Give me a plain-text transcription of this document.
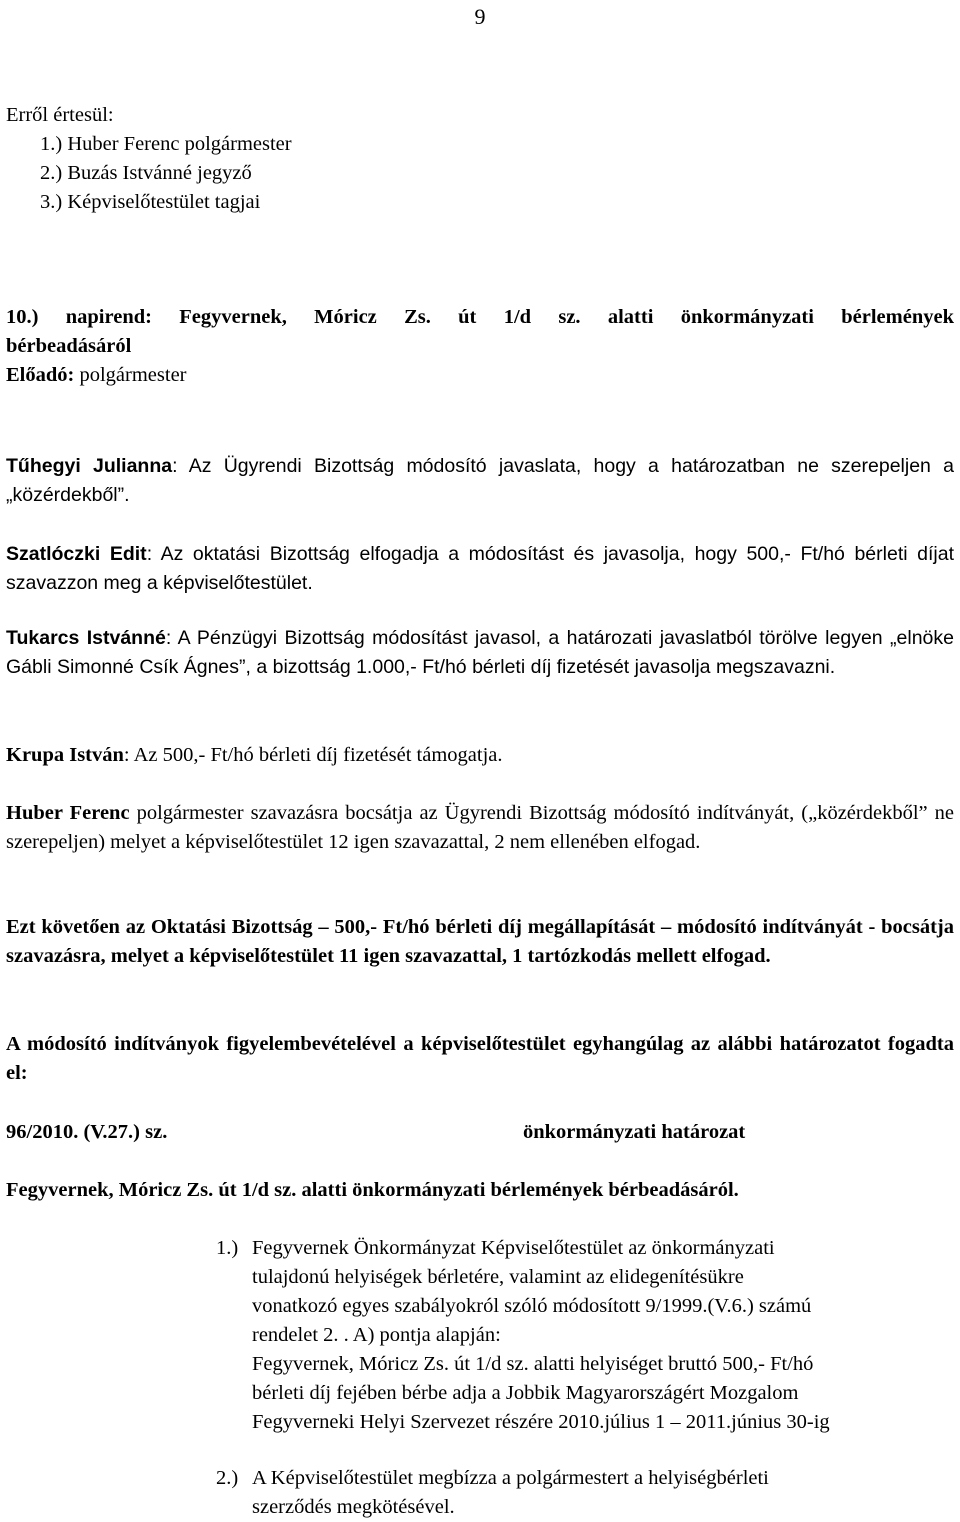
9
Erről értesül:
1.) Huber Ferenc polgármester
2.) Buzás Istvánné jegyző
3.) Képviselőtestület tagjai
10.) napirend: Fegyvernek, Móricz Zs. út 1/d sz. alatti önkormányzati bérlemények
bérbeadásáról
Előadó: polgármester

Tűhegyi Julianna: Az Ügyrendi Bizottság módosító javaslata, hogy a határozatban ne szerepeljen a „közérdekből”.

Szatlóczki Edit: Az oktatási Bizottság elfogadja a módosítást és javasolja, hogy 500,- Ft/hó bérleti díjat szavazzon meg a képviselőtestület.

Tukarcs Istvánné: A Pénzügyi Bizottság módosítást javasol, a határozati javaslatból törölve legyen „elnöke Gábli Simonné Csík Ágnes”, a bizottság 1.000,- Ft/hó bérleti díj fizetését javasolja megszavazni.

Krupa István: Az 500,- Ft/hó bérleti díj fizetését támogatja.

Huber Ferenc polgármester szavazásra bocsátja az Ügyrendi Bizottság módosító indítványát, („közérdekből” ne szerepeljen) melyet a képviselőtestület 12 igen szavazattal, 2 nem ellenében elfogad.

Ezt követően az Oktatási Bizottság – 500,- Ft/hó bérleti díj megállapítását – módosító indítványát - bocsátja szavazásra, melyet a képviselőtestület 11 igen szavazattal, 1 tartózkodás mellett elfogad.

A módosító indítványok figyelembevételével a képviselőtestület egyhangúlag az alábbi határozatot fogadta el:

96/2010. (V.27.) sz.	önkormányzati határozat
Fegyvernek, Móricz Zs. út 1/d sz. alatti önkormányzati bérlemények bérbeadásáról.
1.) Fegyvernek Önkormányzat Képviselőtestület az önkormányzati
tulajdonú helyiségek bérletére, valamint az elidegenítésükre
vonatkozó egyes szabályokról szóló módosított 9/1999.(V.6.) számú
rendelet 2. . A) pontja alapján:
Fegyvernek, Móricz Zs. út 1/d sz. alatti helyiséget bruttó 500,- Ft/hó
bérleti díj fejében bérbe adja a Jobbik Magyarországért Mozgalom
Fegyverneki Helyi Szervezet részére 2010.július 1 – 2011.június 30-ig
2.) A Képviselőtestület megbízza a polgármestert a helyiségbérleti
szerződés megkötésével.
